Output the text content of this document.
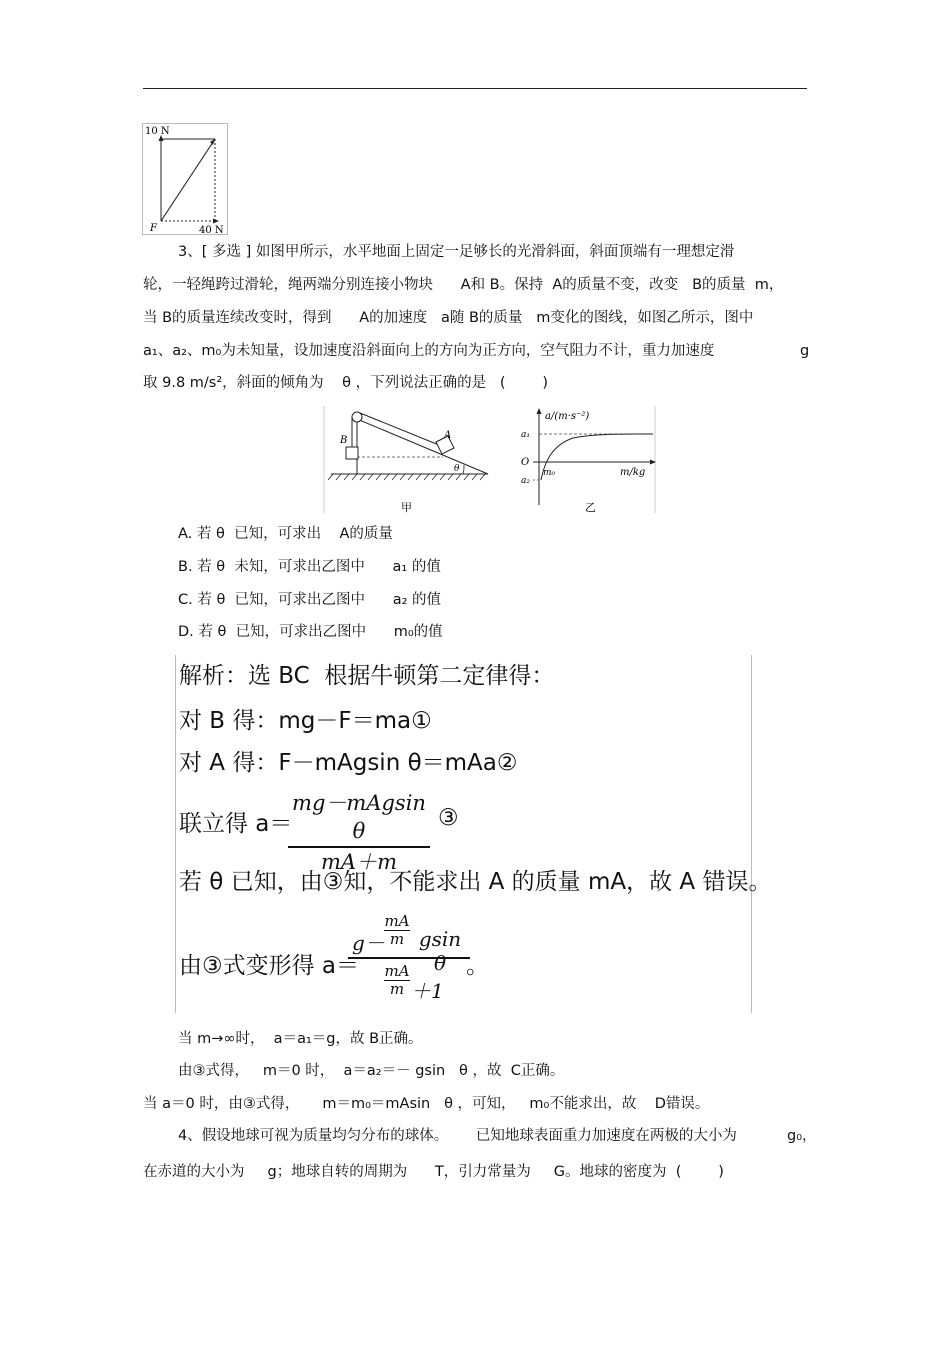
10 N
40 N
F
3、[ 多选 ] 如图甲所示，水平地面上固定一足够长的光滑斜面，斜面顶端有一理想定滑
轮，一轻绳跨过滑轮，绳两端分别连接小物块      A和 B。保持  A的质量不变，改变   B的质量  m，
当 B的质量连续改变时，得到      A的加速度   a随 B的质量   m变化的图线，如图乙所示，图中
a₁、a₂、m₀为未知量，设加速度沿斜面向上的方向为正方向，空气阻力不计，重力加速度	g
取 9.8 m/s²，斜面的倾角为    θ ，下列说法正确的是   (        )
B	A
θ
甲
a/(m·s⁻²)
a₁
O
a₂
m₀	m/kg
乙
A. 若 θ  已知，可求出    A的质量
B. 若 θ  未知，可求出乙图中      a₁ 的值
C. 若 θ  已知，可求出乙图中      a₂ 的值
D. 若 θ  已知，可求出乙图中      m₀的值
解析：选 BC  根据牛顿第二定律得：
对 B 得：mg－F＝ma①
对 A 得：F－mAgsin θ＝mAa②
联立得 a＝
mg－mAgsin θ
mA＋m
③
若 θ 已知，由③知，不能求出 A 的质量 mA，故 A 错误。
由③式变形得 a＝
g－
mA
m gsin θ
mA
m ＋1
。
当 m→∞时，  a＝a₁＝g，故 B正确。
由③式得，   m＝0 时，  a＝a₂＝－ gsin   θ ，故  C正确。
当 a＝0 时，由③式得，     m＝m₀＝mAsin   θ ，可知，   m₀不能求出，故    D错误。
4、假设地球可视为质量均匀分布的球体。      已知地球表面重力加速度在两极的大小为	g₀，
在赤道的大小为     g；地球自转的周期为      T，引力常量为     G。地球的密度为  (        )
